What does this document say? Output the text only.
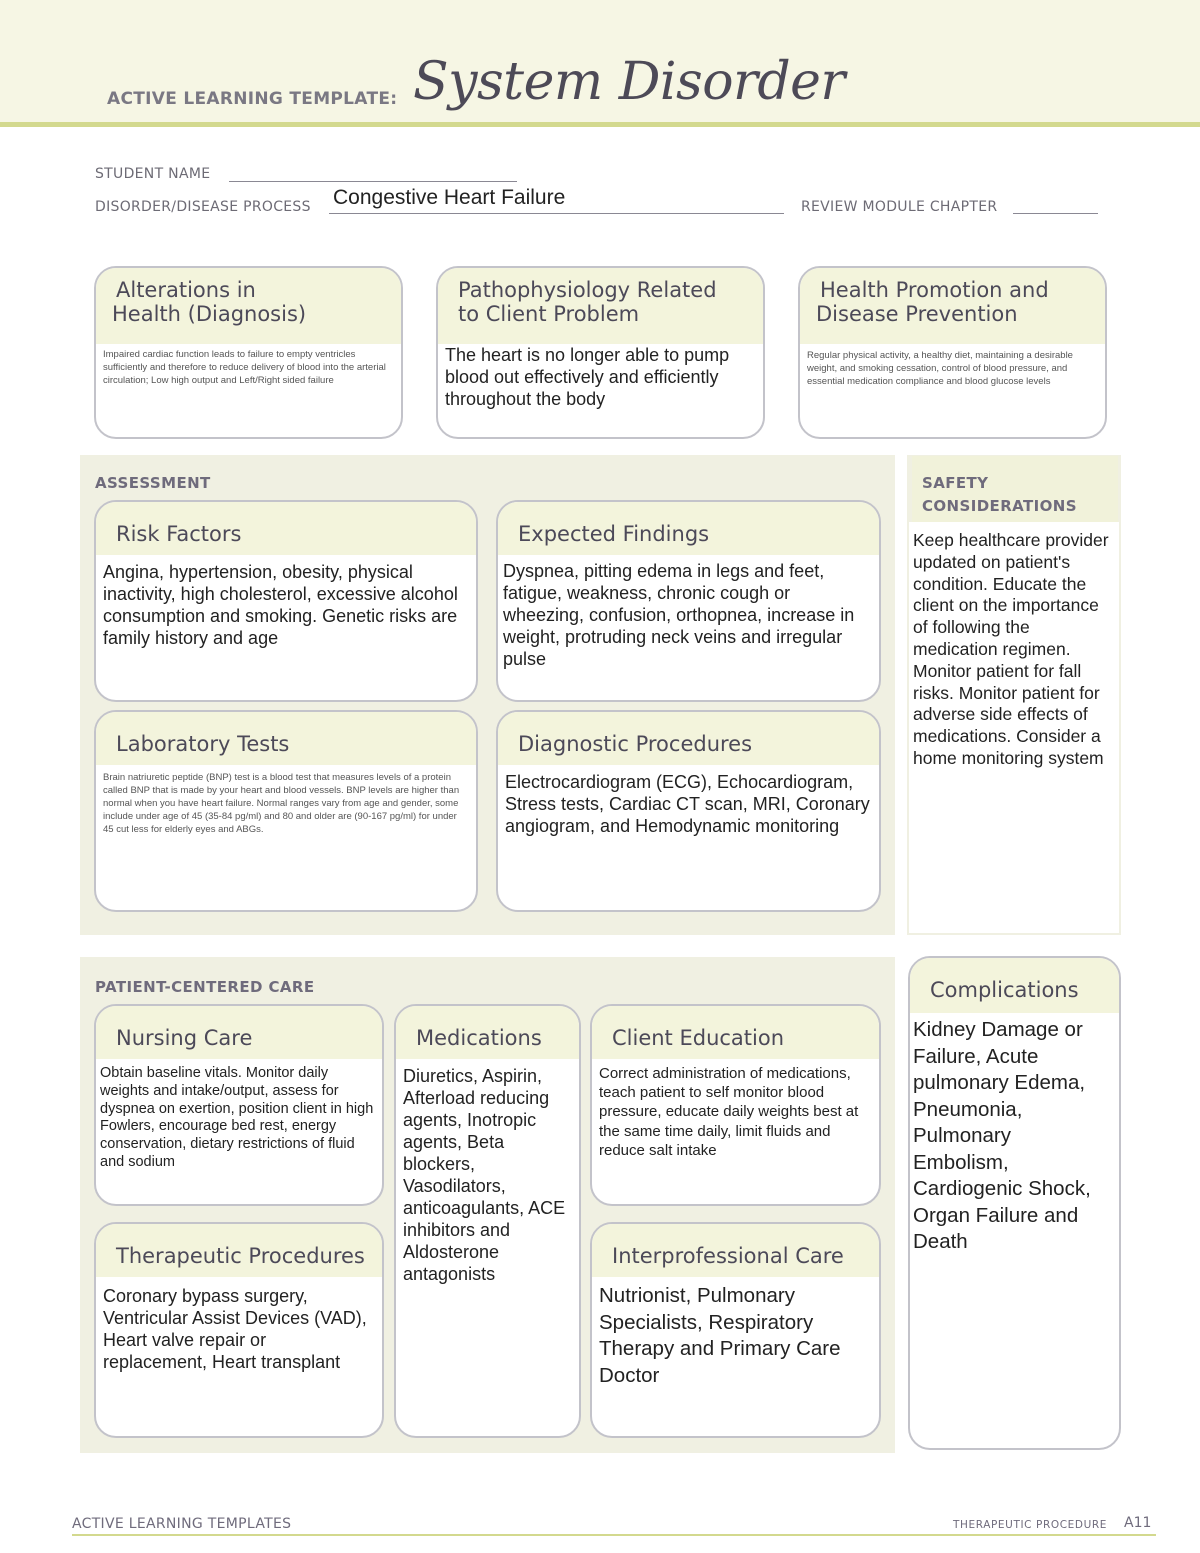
ACTIVE LEARNING TEMPLATE: System Disorder
STUDENT NAME
DISORDER/DISEASE PROCESS Congestive Heart Failure	REVIEW MODULE CHAPTER
Alterations in
Health (Diagnosis)
Impaired cardiac function leads to failure to empty ventricles sufficiently and therefore to reduce delivery of blood into the arterial circulation; Low high output and Left/Right sided failure
Pathophysiology Related
to Client Problem
The heart is no longer able to pump blood out effectively and efficiently throughout the body
Health Promotion and
Disease Prevention
Regular physical activity, a healthy diet, maintaining a desirable weight, and smoking cessation, control of blood pressure, and essential medication compliance and blood glucose levels
ASSESSMENT
Risk Factors
Angina, hypertension, obesity, physical inactivity, high cholesterol, excessive alcohol consumption and smoking. Genetic risks are family history and age
Expected Findings
Dyspnea, pitting edema in legs and feet, fatigue, weakness, chronic cough or wheezing, confusion, orthopnea, increase in weight, protruding neck veins and irregular pulse
Laboratory Tests
Brain natriuretic peptide (BNP) test is a blood test that measures levels of a protein called BNP that is made by your heart and blood vessels. BNP levels are higher than normal when you have heart failure. Normal ranges vary from age and gender, some include under age of 45 (35-84 pg/ml) and 80 and older are (90-167 pg/ml) for under 45 cut less for elderly eyes and ABGs.
Diagnostic Procedures
Electrocardiogram (ECG), Echocardiogram, Stress tests, Cardiac CT scan, MRI, Coronary angiogram, and Hemodynamic monitoring
SAFETY
CONSIDERATIONS
Keep healthcare provider updated on patient's condition. Educate the client on the importance of following the medication regimen. Monitor patient for fall risks. Monitor patient for adverse side effects of medications. Consider a home monitoring system
PATIENT-CENTERED CARE
Nursing Care
Obtain baseline vitals. Monitor daily weights and intake/output, assess for dyspnea on exertion, position client in high Fowlers, encourage bed rest, energy conservation, dietary restrictions of fluid and sodium
Medications
Diuretics, Aspirin, Afterload reducing agents, Inotropic agents, Beta blockers, Vasodilators, anticoagulants, ACE inhibitors and Aldosterone antagonists
Client Education
Correct administration of medications, teach patient to self monitor blood pressure, educate daily weights best at the same time daily, limit fluids and reduce salt intake
Therapeutic Procedures
Coronary bypass surgery, Ventricular Assist Devices (VAD), Heart valve repair or replacement, Heart transplant
Interprofessional Care
Nutrionist, Pulmonary Specialists, Respiratory Therapy and Primary Care Doctor
Complications
Kidney Damage or Failure, Acute pulmonary Edema, Pneumonia, Pulmonary Embolism, Cardiogenic Shock, Organ Failure and Death
ACTIVE LEARNING TEMPLATES	THERAPEUTIC PROCEDURE A11
